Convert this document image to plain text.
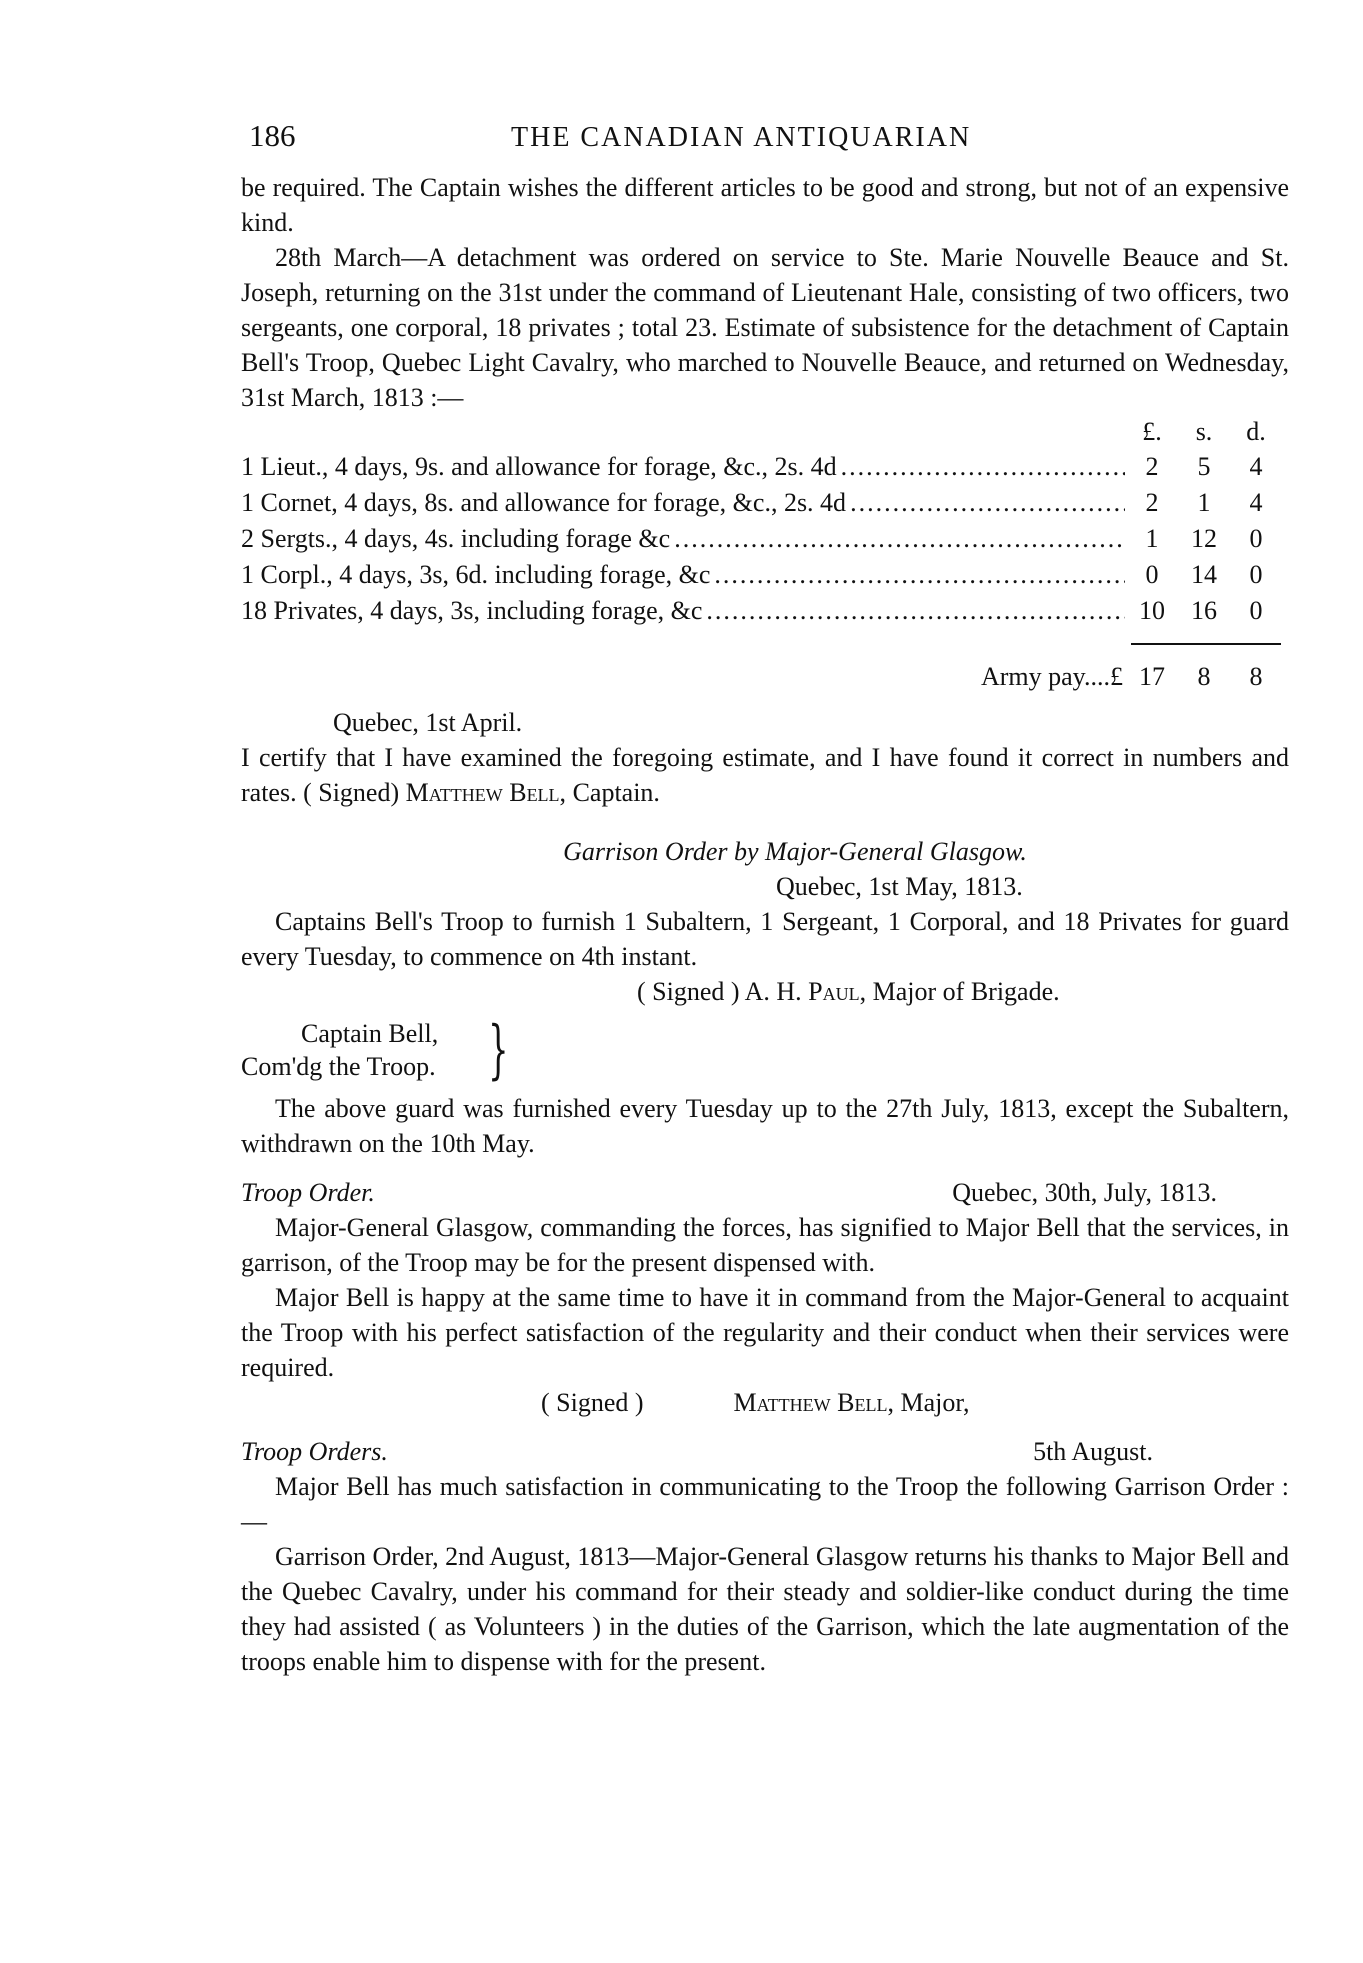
186	THE CANADIAN ANTIQUARIAN

be required. The Captain wishes the different articles to be good and strong, but not of an expensive kind.

28th March—A detachment was ordered on service to Ste. Marie Nouvelle Beauce and St. Joseph, returning on the 31st under the command of Lieutenant Hale, consisting of two officers, two sergeants, one corporal, 18 privates ; total 23. Estimate of subsistence for the detachment of Captain Bell's Troop, Quebec Light Cavalry, who marched to Nouvelle Beauce, and returned on Wednesday, 31st March, 1813 :—

£.	s.	d.
1 Lieut., 4 days, 9s. and allowance for forage, &c., 2s. 4d .....	2	5	4
1 Cornet, 4 days, 8s. and allowance for forage, &c., 2s. 4d .....	2	1	4
2 Sergts., 4 days, 4s. including forage &c .....	1	12	0
1 Corpl., 4 days, 3s, 6d. including forage, &c .....	0	14	0
18 Privates, 4 days, 3s, including forage, &c .....	10	16	0
Army pay....£ 17	8	8
Quebec, 1st April.

I certify that I have examined the foregoing estimate, and I have found it correct in numbers and rates. ( Signed) Matthew Bell, Captain.

Garrison Order by Major-General Glasgow.
Quebec, 1st May, 1813.

Captains Bell's Troop to furnish 1 Subaltern, 1 Sergeant, 1 Corporal, and 18 Privates for guard every Tuesday, to commence on 4th instant.

( Signed ) A. H. Paul, Major of Brigade.
Captain Bell,
Com'dg the Troop. }

The above guard was furnished every Tuesday up to the 27th July, 1813, except the Subaltern, withdrawn on the 10th May.

Troop Order.	Quebec, 30th, July, 1813.

Major-General Glasgow, commanding the forces, has signified to Major Bell that the services, in garrison, of the Troop may be for the present dispensed with.

Major Bell is happy at the same time to have it in command from the Major-General to acquaint the Troop with his perfect satisfaction of the regularity and their conduct when their services were required.

( Signed )	Matthew Bell, Major,
Troop Orders.	5th August.

Major Bell has much satisfaction in communicating to the Troop the following Garrison Order :—

Garrison Order, 2nd August, 1813—Major-General Glasgow returns his thanks to Major Bell and the Quebec Cavalry, under his command for their steady and soldier-like conduct during the time they had assisted ( as Volunteers ) in the duties of the Garrison, which the late augmentation of the troops enable him to dispense with for the present.
